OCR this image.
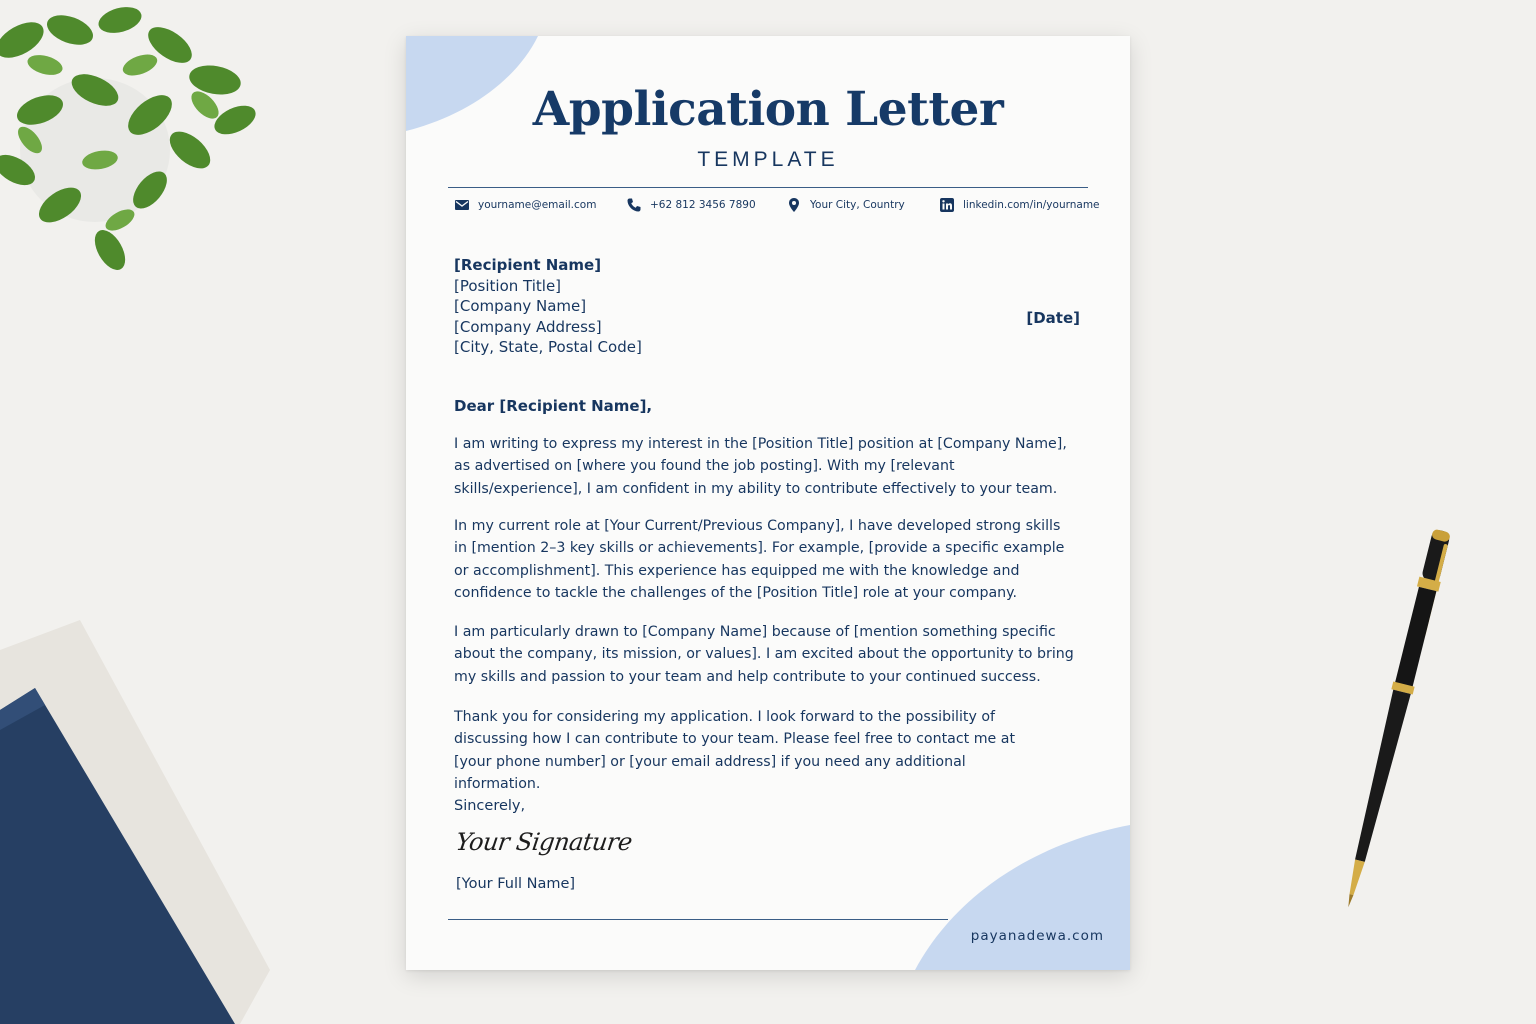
Application Letter
TEMPLATE
yourname@email.com	+62 812 3456 7890	Your City, Country	linkedin.com/in/yourname
[Recipient Name]
[Position Title]
[Company Name]
[Company Address]
[City, State, Postal Code]
[Date]
Dear [Recipient Name],

I am writing to express my interest in the [Position Title] position at [Company Name], as advertised on [where you found the job posting]. With my [relevant skills/experience], I am confident in my ability to contribute effectively to your team.

In my current role at [Your Current/Previous Company], I have developed strong skills in [mention 2–3 key skills or achievements]. For example, [provide a specific example or accomplishment]. This experience has equipped me with the knowledge and confidence to tackle the challenges of the [Position Title] role at your company.

I am particularly drawn to [Company Name] because of [mention something specific about the company, its mission, or values]. I am excited about the opportunity to bring my skills and passion to your team and help contribute to your continued success.

Thank you for considering my application. I look forward to the possibility of discussing how I can contribute to your team. Please feel free to contact me at [your phone number] or [your email address] if you need any additional information.

Sincerely,
Your Signature
[Your Full Name]
payanadewa.com
